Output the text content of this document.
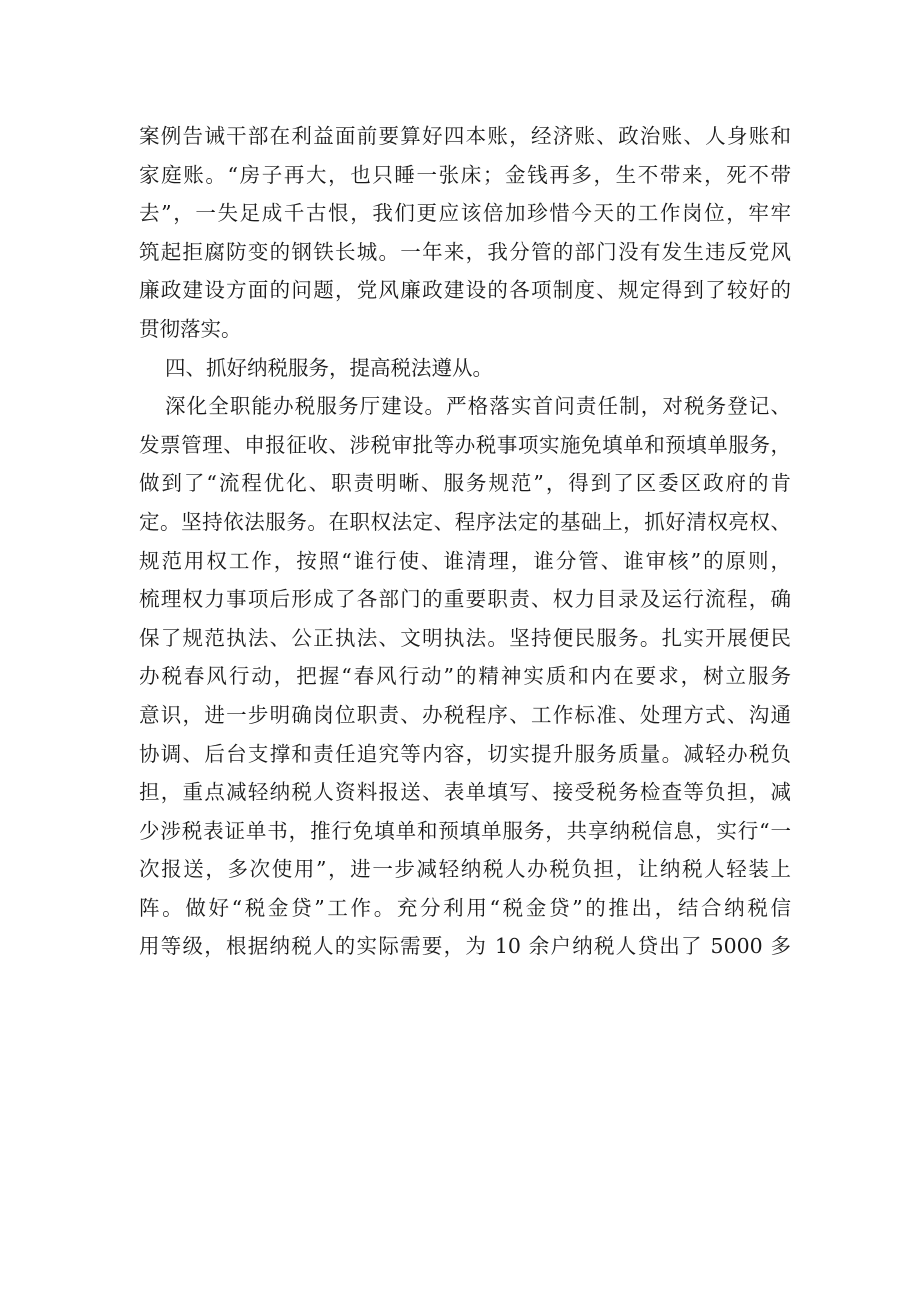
案例告诫干部在利益面前要算好四本账，经济账、政治账、人身账和
家庭账。“房子再大，也只睡一张床；金钱再多，生不带来，死不带
去”，一失足成千古恨，我们更应该倍加珍惜今天的工作岗位，牢牢
筑起拒腐防变的钢铁长城。一年来，我分管的部门没有发生违反党风
廉政建设方面的问题，党风廉政建设的各项制度、规定得到了较好的
贯彻落实。
四、抓好纳税服务，提高税法遵从。
深化全职能办税服务厅建设。严格落实首问责任制，对税务登记、
发票管理、申报征收、涉税审批等办税事项实施免填单和预填单服务，
做到了“流程优化、职责明晰、服务规范”，得到了区委区政府的肯
定。坚持依法服务。在职权法定、程序法定的基础上，抓好清权亮权、
规范用权工作，按照“谁行使、谁清理，谁分管、谁审核”的原则，
梳理权力事项后形成了各部门的重要职责、权力目录及运行流程，确
保了规范执法、公正执法、文明执法。坚持便民服务。扎实开展便民
办税春风行动，把握“春风行动”的精神实质和内在要求，树立服务
意识，进一步明确岗位职责、办税程序、工作标准、处理方式、沟通
协调、后台支撑和责任追究等内容，切实提升服务质量。减轻办税负
担，重点减轻纳税人资料报送、表单填写、接受税务检查等负担，减
少涉税表证单书，推行免填单和预填单服务，共享纳税信息，实行“一
次报送，多次使用”，进一步减轻纳税人办税负担，让纳税人轻装上
阵。做好“税金贷”工作。充分利用“税金贷”的推出，结合纳税信
用等级，根据纳税人的实际需要，为 10 余户纳税人贷出了 5000 多
